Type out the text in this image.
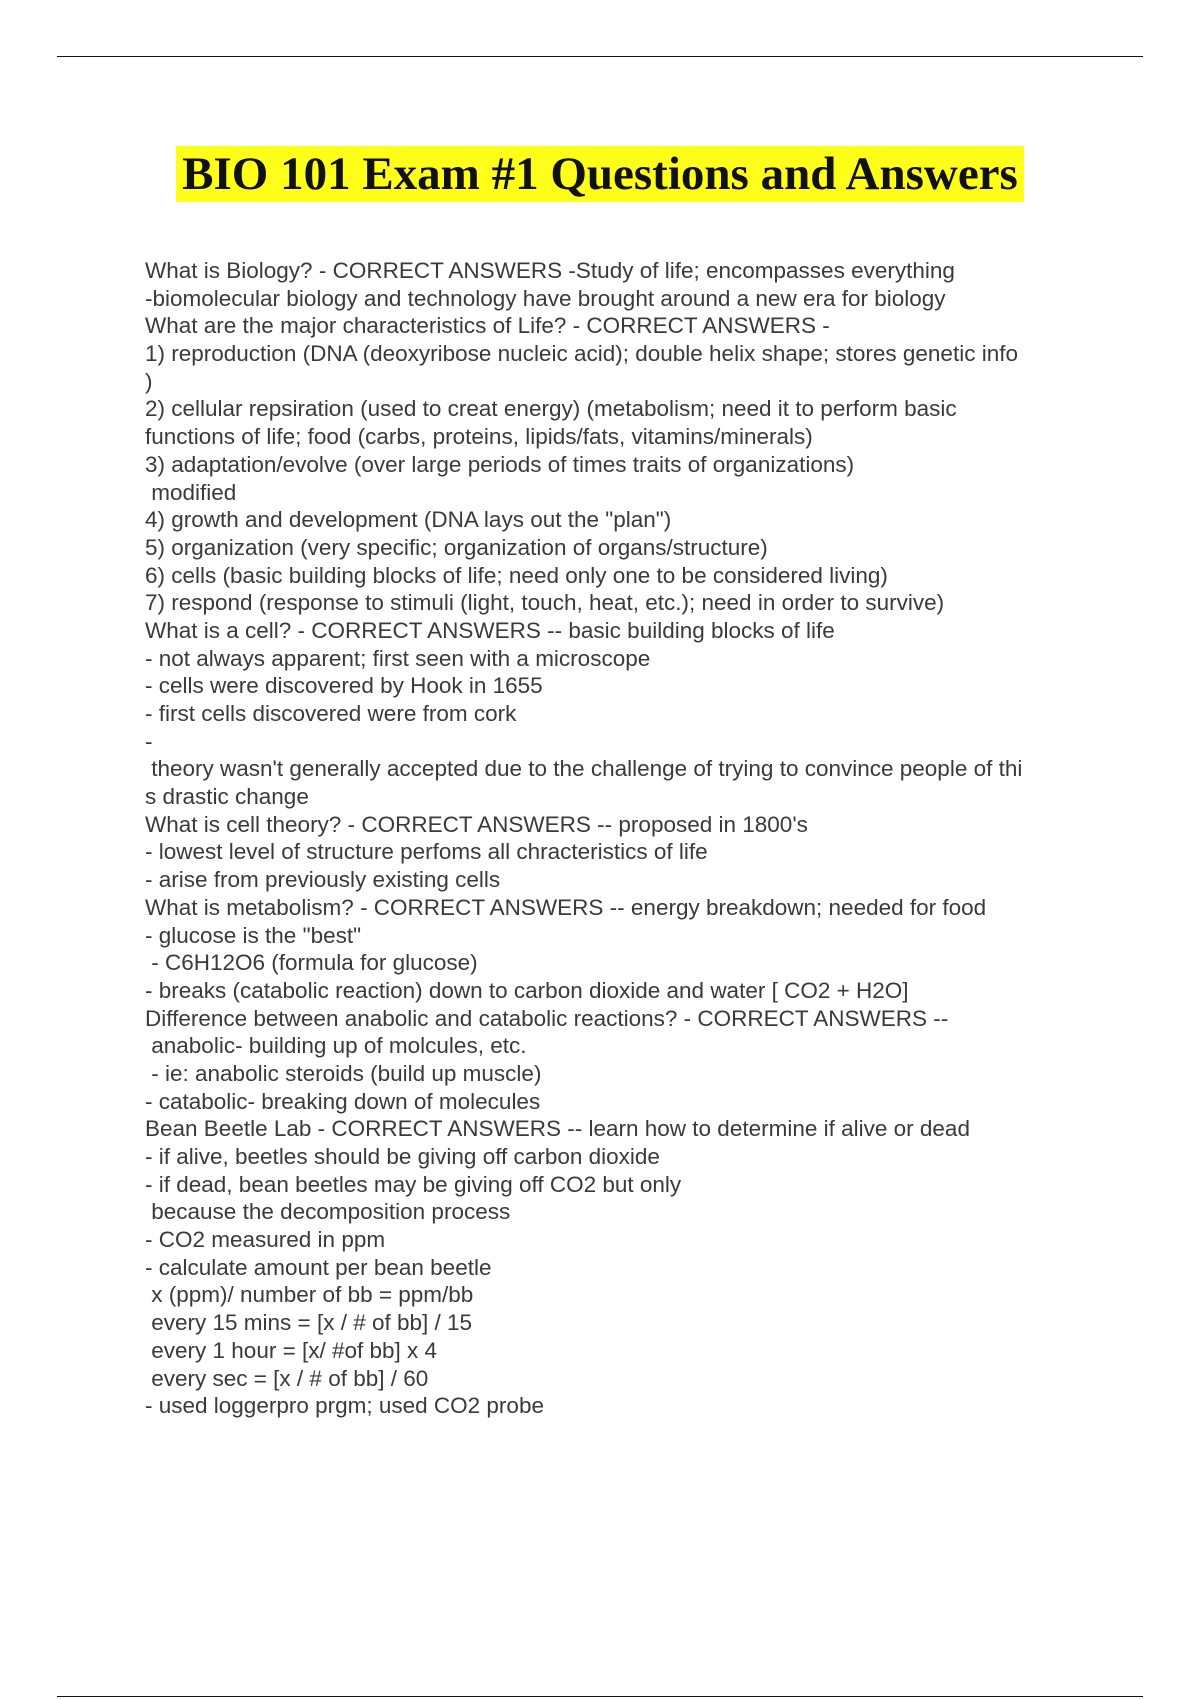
BIO 101 Exam #1 Questions and Answers
What is Biology? - CORRECT ANSWERS -Study of life; encompasses everything
-biomolecular biology and technology have brought around a new era for biology
What are the major characteristics of Life? - CORRECT ANSWERS -
1) reproduction (DNA (deoxyribose nucleic acid); double helix shape; stores genetic info
)
2) cellular repsiration (used to creat energy) (metabolism; need it to perform basic
functions of life; food (carbs, proteins, lipids/fats, vitamins/minerals)
3) adaptation/evolve (over large periods of times traits of organizations)
modified
4) growth and development (DNA lays out the "plan")
5) organization (very specific; organization of organs/structure)
6) cells (basic building blocks of life; need only one to be considered living)
7) respond (response to stimuli (light, touch, heat, etc.); need in order to survive)
What is a cell? - CORRECT ANSWERS -- basic building blocks of life
- not always apparent; first seen with a microscope
- cells were discovered by Hook in 1655
- first cells discovered were from cork
-
theory wasn't generally accepted due to the challenge of trying to convince people of thi
s drastic change
What is cell theory? - CORRECT ANSWERS -- proposed in 1800's
- lowest level of structure perfoms all chracteristics of life
- arise from previously existing cells
What is metabolism? - CORRECT ANSWERS -- energy breakdown; needed for food
- glucose is the "best"
- C6H12O6 (formula for glucose)
- breaks (catabolic reaction) down to carbon dioxide and water [ CO2 + H2O]
Difference between anabolic and catabolic reactions? - CORRECT ANSWERS --
anabolic- building up of molcules, etc.
- ie: anabolic steroids (build up muscle)
- catabolic- breaking down of molecules
Bean Beetle Lab - CORRECT ANSWERS -- learn how to determine if alive or dead
- if alive, beetles should be giving off carbon dioxide
- if dead, bean beetles may be giving off CO2 but only
because the decomposition process
- CO2 measured in ppm
- calculate amount per bean beetle
x (ppm)/ number of bb = ppm/bb
every 15 mins = [x / # of bb] / 15
every 1 hour = [x/ #of bb] x 4
every sec = [x / # of bb] / 60
- used loggerpro prgm; used CO2 probe
